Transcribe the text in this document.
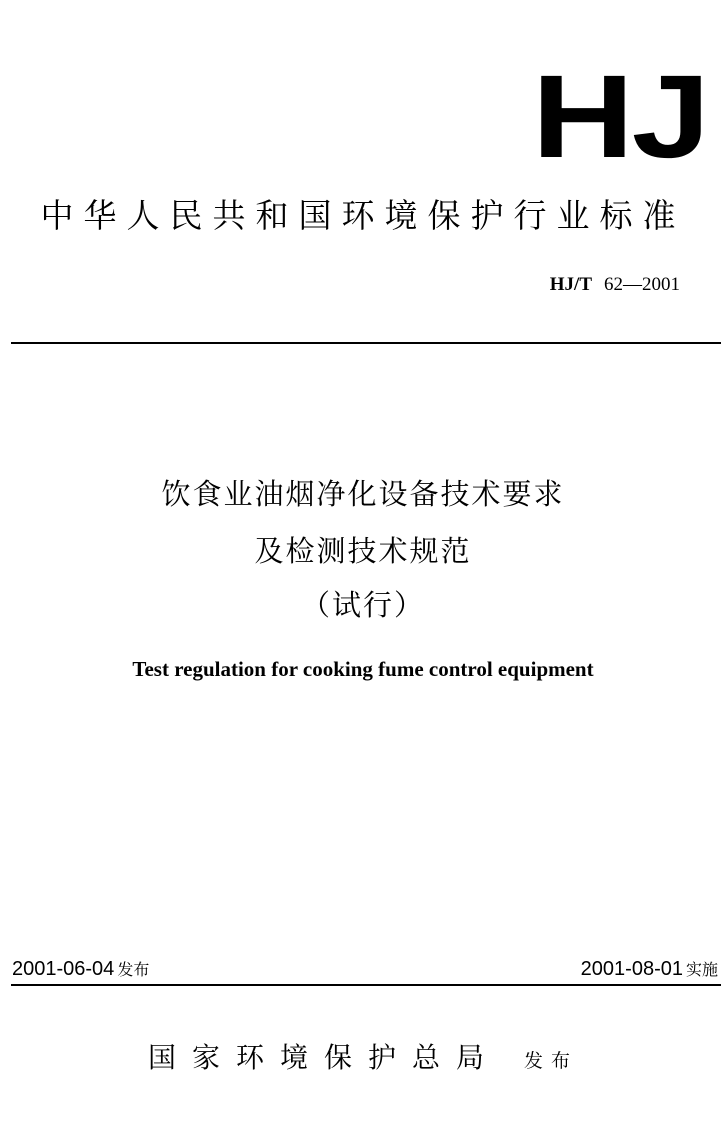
HJ
中华人民共和国环境保护行业标准
HJ/T 62—2001
饮食业油烟净化设备技术要求
及检测技术规范
（试行）
Test regulation for cooking fume control equipment
2001-06-04 发布	2001-08-01 实施
国家环境保护总局 发布
